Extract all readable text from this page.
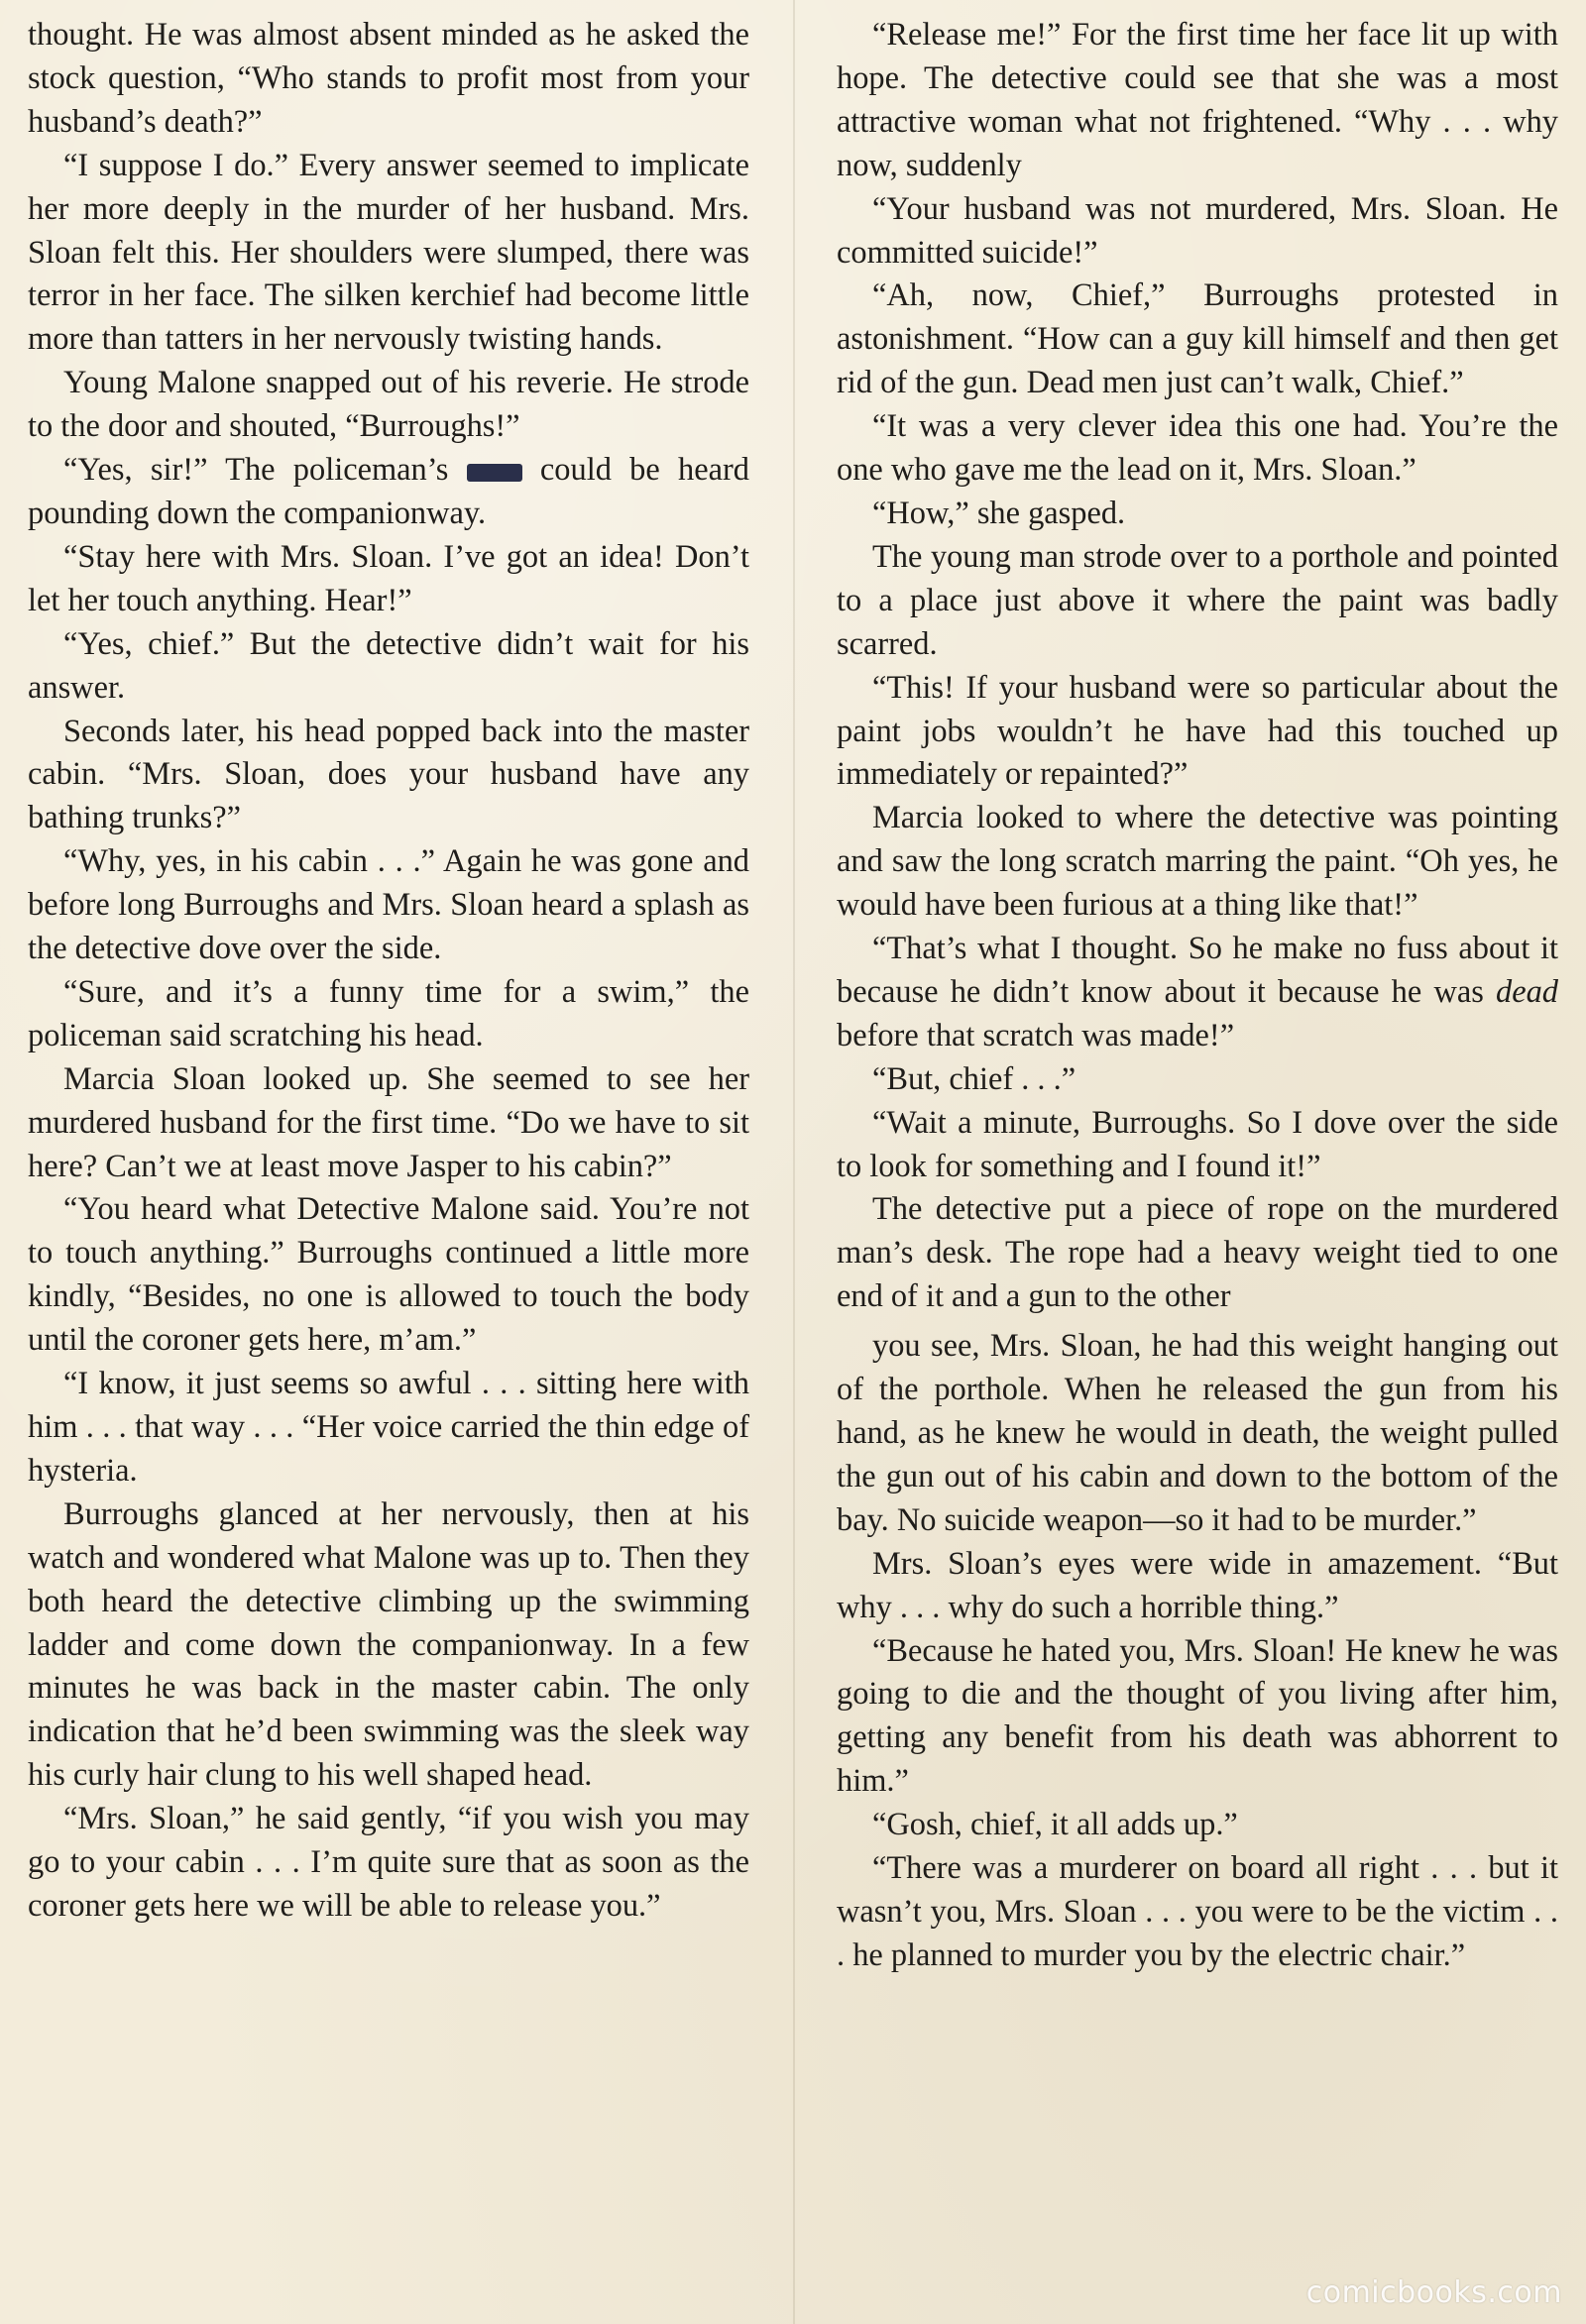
thought. He was almost absent minded as he asked the stock question, “Who stands to profit most from your husband’s death?”

“I suppose I do.” Every answer seemed to implicate her more deeply in the murder of her husband. Mrs. Sloan felt this. Her shoulders were slumped, there was terror in her face. The silken kerchief had become little more than tatters in her nervously twisting hands.

Young Malone snapped out of his reverie. He strode to the door and shouted, “Burroughs!”

“Yes, sir!” The policeman’s	could be heard pounding down the companionway.

“Stay here with Mrs. Sloan. I’ve got an idea! Don’t let her touch anything. Hear!”

“Yes, chief.” But the detective didn’t wait for his answer.

Seconds later, his head popped back into the master cabin. “Mrs. Sloan, does your husband have any bathing trunks?”

“Why, yes, in his cabin . . .” Again he was gone and before long Burroughs and Mrs. Sloan heard a splash as the detective dove over the side.

“Sure, and it’s a funny time for a swim,” the policeman said scratching his head.

Marcia Sloan looked up. She seemed to see her murdered husband for the first time. “Do we have to sit here? Can’t we at least move Jasper to his cabin?”

“You heard what Detective Malone said. You’re not to touch anything.” Burroughs continued a little more kindly, “Besides, no one is allowed to touch the body until the coroner gets here, m’am.”

“I know, it just seems so awful . . . sitting here with him . . . that way . . . “Her voice carried the thin edge of hysteria.

Burroughs glanced at her nervously, then at his watch and wondered what Malone was up to. Then they both heard the detective climbing up the swimming ladder and come down the companionway. In a few minutes he was back in the master cabin. The only indication that he’d been swimming was the sleek way his curly hair clung to his well shaped head.

“Mrs. Sloan,” he said gently, “if you wish you may go to your cabin . . . I’m quite sure that as soon as the coroner gets here we will be able to release you.”

“Release me!” For the first time her face lit up with hope. The detective could see that she was a most attractive woman what not frightened. “Why . . . why now, suddenly

“Your husband was not murdered, Mrs. Sloan. He committed suicide!”

“Ah, now, Chief,” Burroughs protested in astonishment. “How can a guy kill himself and then get rid of the gun. Dead men just can’t walk, Chief.”

“It was a very clever idea this one had. You’re the one who gave me the lead on it, Mrs. Sloan.”

“How,” she gasped.

The young man strode over to a porthole and pointed to a place just above it where the paint was badly scarred.

“This! If your husband were so particular about the paint jobs wouldn’t he have had this touched up immediately or repainted?”

Marcia looked to where the detective was pointing and saw the long scratch marring the paint. “Oh yes, he would have been furious at a thing like that!”

“That’s what I thought. So he make no fuss about it because he didn’t know about it because he was dead before that scratch was made!”

“But, chief . . .”

“Wait a minute, Burroughs. So I dove over the side to look for something and I found it!”

The detective put a piece of rope on the murdered man’s desk. The rope had a heavy weight tied to one end of it and a gun to the other

you see, Mrs. Sloan, he had this weight hanging out of the porthole. When he released the gun from his hand, as he knew he would in death, the weight pulled the gun out of his cabin and down to the bottom of the bay. No suicide weapon—so it had to be murder.”

Mrs. Sloan’s eyes were wide in amazement. “But why . . . why do such a horrible thing.”

“Because he hated you, Mrs. Sloan! He knew he was going to die and the thought of you living after him, getting any benefit from his death was abhorrent to him.”

“Gosh, chief, it all adds up.”

“There was a murderer on board all right . . . but it wasn’t you, Mrs. Sloan . . . you were to be the victim . . . he planned to murder you by the electric chair.”

comicbooks.com
